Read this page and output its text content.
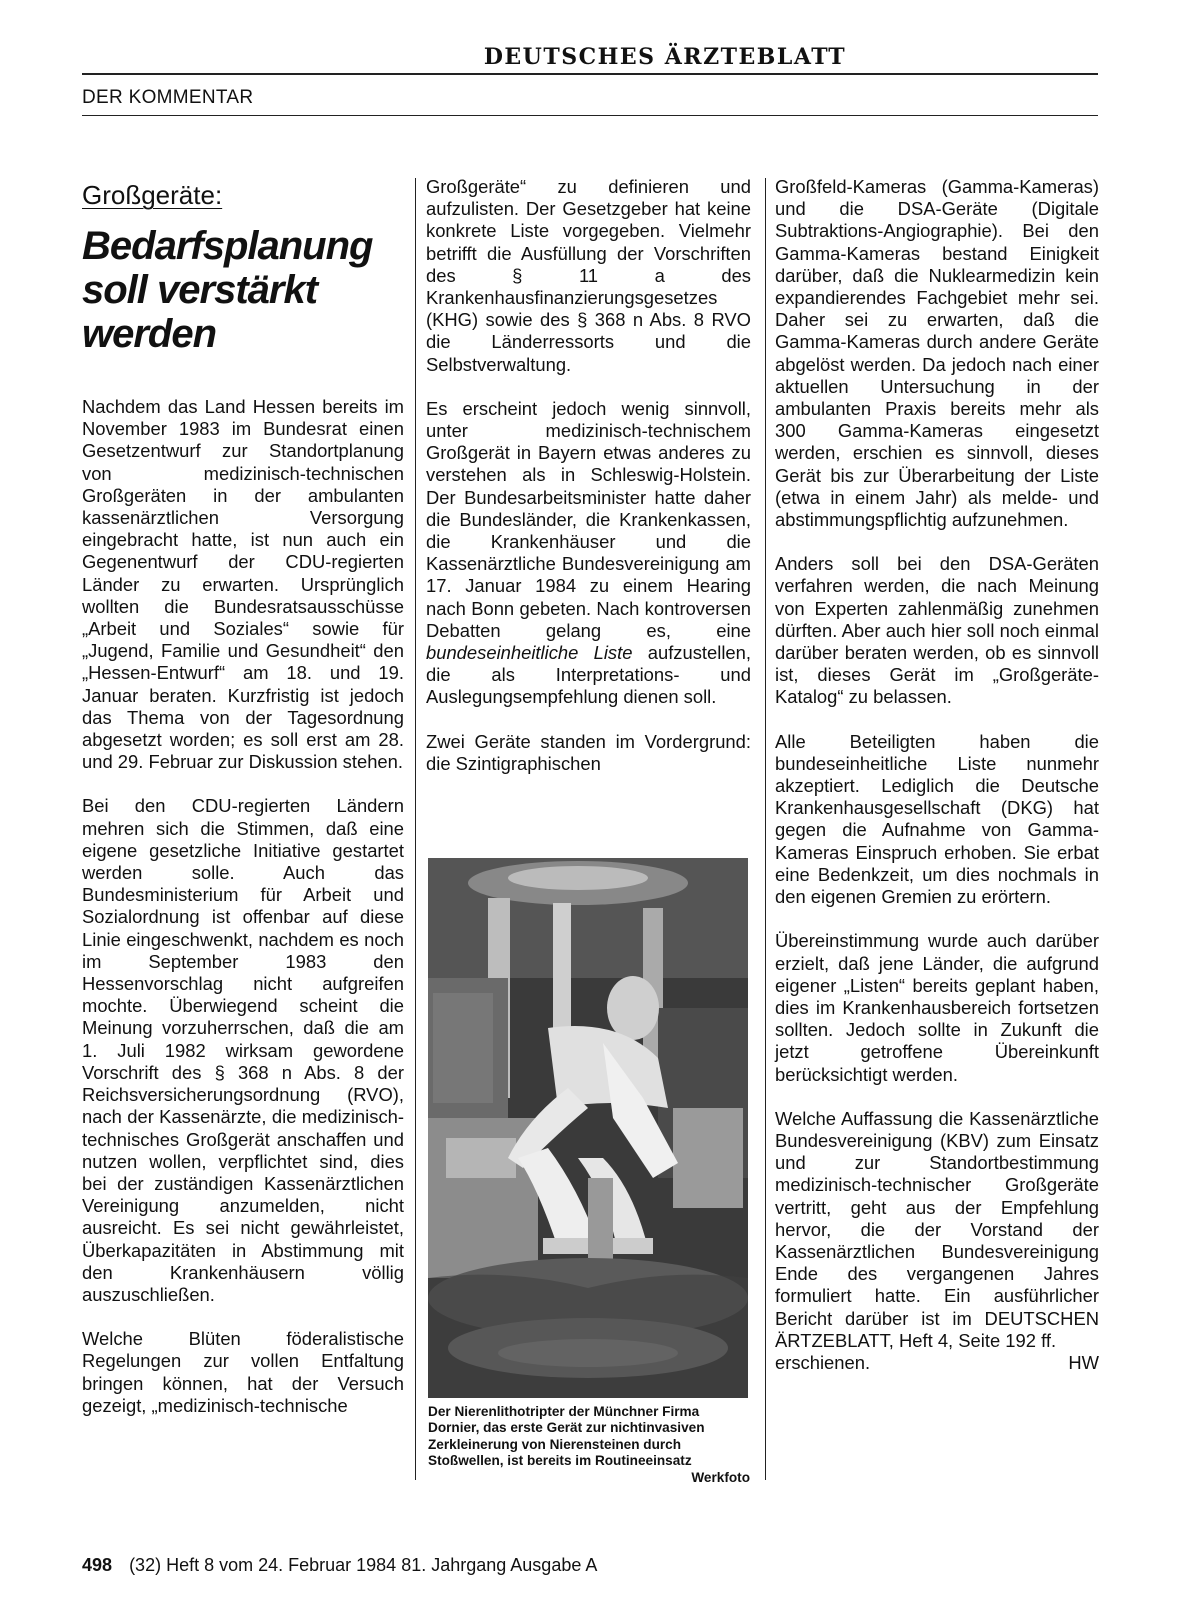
DEUTSCHES ÄRZTEBLATT
DER KOMMENTAR
Großgeräte:
Bedarfsplanung soll verstärkt werden

Nachdem das Land Hessen bereits im November 1983 im Bundesrat einen Gesetzentwurf zur Standortplanung von medizinisch-technischen Großgeräten in der ambulanten kassenärztlichen Versorgung eingebracht hatte, ist nun auch ein Gegenentwurf der CDU-regierten Länder zu erwarten. Ursprünglich wollten die Bundesratsausschüsse „Arbeit und Soziales“ sowie für „Jugend, Familie und Gesundheit“ den „Hessen-Entwurf“ am 18. und 19. Januar beraten. Kurzfristig ist jedoch das Thema von der Tagesordnung abgesetzt worden; es soll erst am 28. und 29. Februar zur Diskussion stehen.

Bei den CDU-regierten Ländern mehren sich die Stimmen, daß eine eigene gesetzliche Initiative gestartet werden solle. Auch das Bundesministerium für Arbeit und Sozialordnung ist offenbar auf diese Linie eingeschwenkt, nachdem es noch im September 1983 den Hessenvorschlag nicht aufgreifen mochte. Überwiegend scheint die Meinung vorzuherrschen, daß die am 1. Juli 1982 wirksam gewordene Vorschrift des § 368 n Abs. 8 der Reichsversicherungsordnung (RVO), nach der Kassenärzte, die medizinisch-technisches Großgerät anschaffen und nutzen wollen, verpflichtet sind, dies bei der zuständigen Kassenärztlichen Vereinigung anzumelden, nicht ausreicht. Es sei nicht gewährleistet, Überkapazitäten in Abstimmung mit den Krankenhäusern völlig auszuschließen.

Welche Blüten föderalistische Regelungen zur vollen Entfaltung bringen können, hat der Versuch gezeigt, „medizinisch-technische

Großgeräte“ zu definieren und aufzulisten. Der Gesetzgeber hat keine konkrete Liste vorgegeben. Vielmehr betrifft die Ausfüllung der Vorschriften des § 11 a des Krankenhausfinanzierungsgesetzes (KHG) sowie des § 368 n Abs. 8 RVO die Länderressorts und die Selbstverwaltung.

Es erscheint jedoch wenig sinnvoll, unter medizinisch-technischem Großgerät in Bayern etwas anderes zu verstehen als in Schleswig-Holstein. Der Bundesarbeitsminister hatte daher die Bundesländer, die Krankenkassen, die Krankenhäuser und die Kassenärztliche Bundesvereinigung am 17. Januar 1984 zu einem Hearing nach Bonn gebeten. Nach kontroversen Debatten gelang es, eine bundeseinheitliche Liste aufzustellen, die als Interpretations- und Auslegungsempfehlung dienen soll.

Zwei Geräte standen im Vordergrund: die Szintigraphischen

Der Nierenlithotripter der Münchner Firma Dornier, das erste Gerät zur nichtinvasiven Zerkleinerung von Nierensteinen durch Stoßwellen, ist bereits im Routineeinsatz
Werkfoto

Großfeld-Kameras (Gamma-Kameras) und die DSA-Geräte (Digitale Subtraktions-Angiographie). Bei den Gamma-Kameras bestand Einigkeit darüber, daß die Nuklearmedizin kein expandierendes Fachgebiet mehr sei. Daher sei zu erwarten, daß die Gamma-Kameras durch andere Geräte abgelöst werden. Da jedoch nach einer aktuellen Untersuchung in der ambulanten Praxis bereits mehr als 300 Gamma-Kameras eingesetzt werden, erschien es sinnvoll, dieses Gerät bis zur Überarbeitung der Liste (etwa in einem Jahr) als melde- und abstimmungspflichtig aufzunehmen.

Anders soll bei den DSA-Geräten verfahren werden, die nach Meinung von Experten zahlenmäßig zunehmen dürften. Aber auch hier soll noch einmal darüber beraten werden, ob es sinnvoll ist, dieses Gerät im „Großgeräte-Katalog“ zu belassen.

Alle Beteiligten haben die bundeseinheitliche Liste nunmehr akzeptiert. Lediglich die Deutsche Krankenhausgesellschaft (DKG) hat gegen die Aufnahme von Gamma-Kameras Einspruch erhoben. Sie erbat eine Bedenkzeit, um dies nochmals in den eigenen Gremien zu erörtern.

Übereinstimmung wurde auch darüber erzielt, daß jene Länder, die aufgrund eigener „Listen“ bereits geplant haben, dies im Krankenhausbereich fortsetzen sollten. Jedoch sollte in Zukunft die jetzt getroffene Übereinkunft berücksichtigt werden.

Welche Auffassung die Kassenärztliche Bundesvereinigung (KBV) zum Einsatz und zur Standortbestimmung medizinisch-technischer Großgeräte vertritt, geht aus der Empfehlung hervor, die der Vorstand der Kassenärztlichen Bundesvereinigung Ende des vergangenen Jahres formuliert hatte. Ein ausführlicher Bericht darüber ist im DEUTSCHEN ÄRTZEBLATT, Heft 4, Seite 192 ff.

erschienen.	HW
498 (32) Heft 8 vom 24. Februar 1984 81. Jahrgang Ausgabe A
